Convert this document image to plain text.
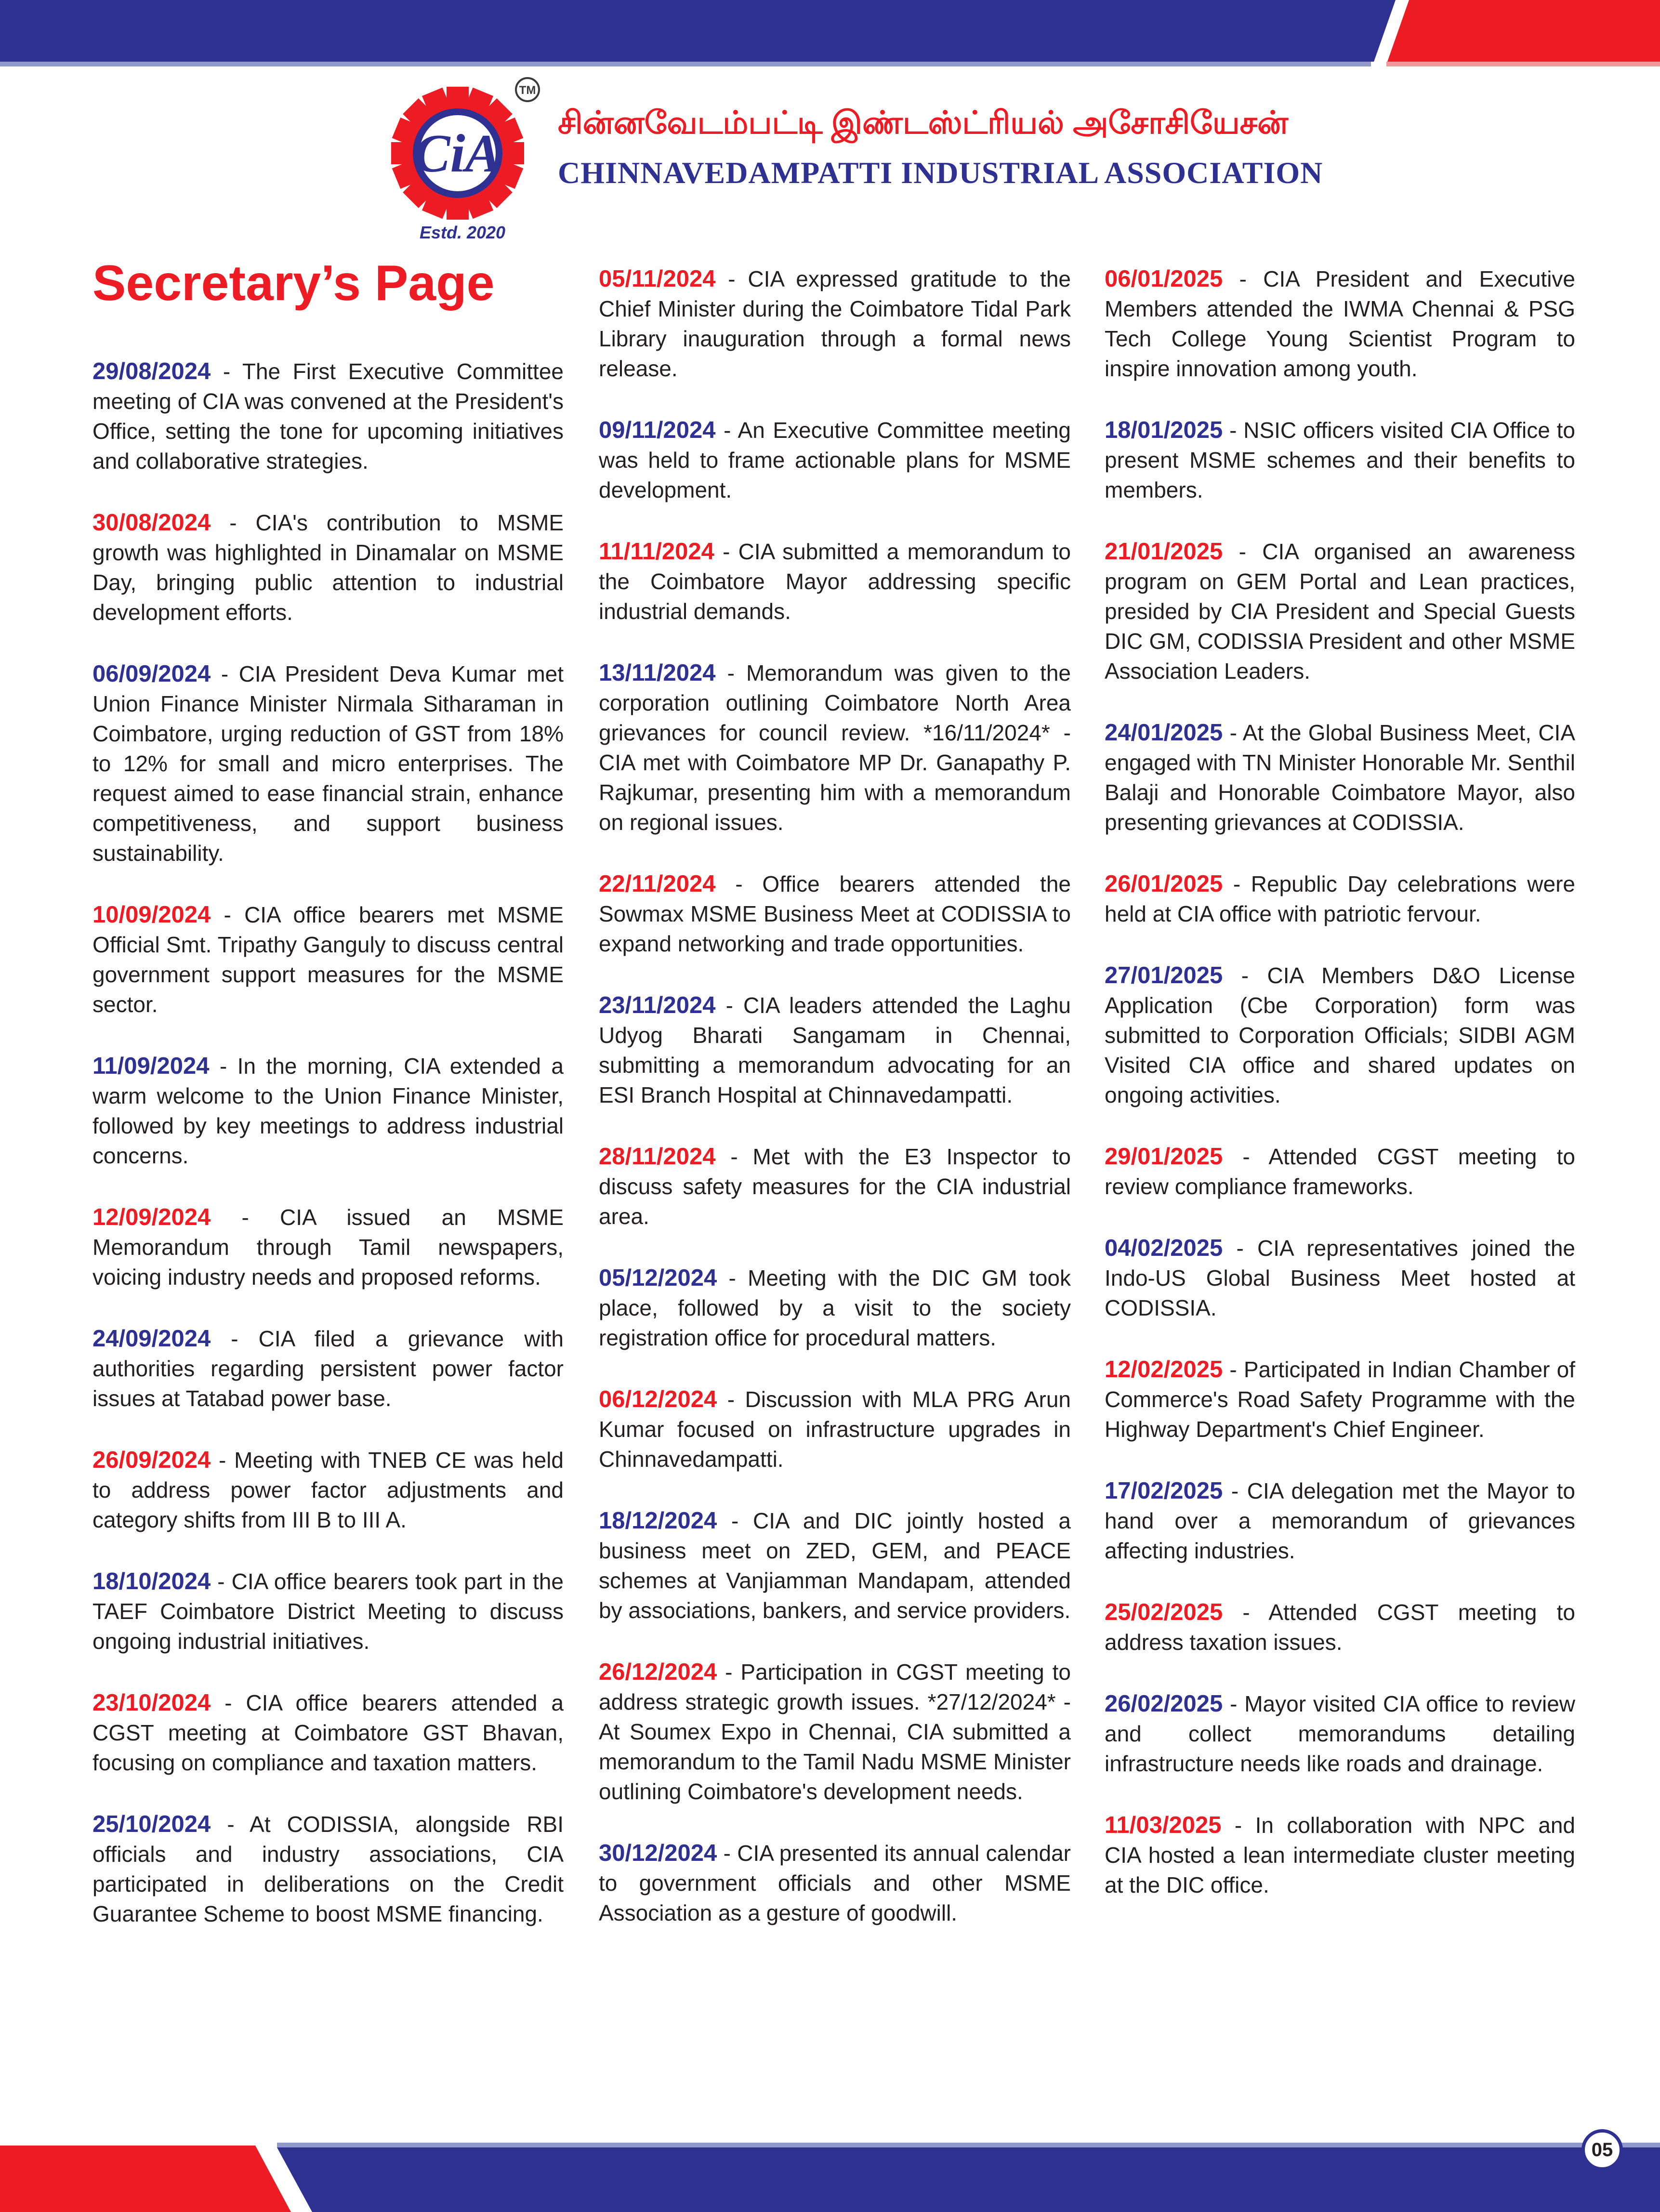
CiA
TM
Estd. 2020
சின்னவேடம்பட்டி இண்டஸ்ட்ரியல் அசோசியேசன்
CHINNAVEDAMPATTI INDUSTRIAL ASSOCIATION
Secretary’s Page

29/08/2024 - The First Executive Committee meeting of CIA was convened at the President's Office, setting the tone for upcoming initiatives and collaborative strategies.

30/08/2024 - CIA's contribution to MSME growth was highlighted in Dinamalar on MSME Day, bringing public attention to industrial development efforts.

06/09/2024 - CIA President Deva Kumar met Union Finance Minister Nirmala Sitharaman in Coimbatore, urging reduction of GST from 18% to 12% for small and micro enterprises. The request aimed to ease financial strain, enhance competitiveness, and support business sustainability.

10/09/2024 - CIA office bearers met MSME Official Smt. Tripathy Ganguly to discuss central government support measures for the MSME sector.

11/09/2024 - In the morning, CIA extended a warm welcome to the Union Finance Minister, followed by key meetings to address industrial concerns.

12/09/2024 - CIA issued an MSME Memorandum through Tamil newspapers, voicing industry needs and proposed reforms.

24/09/2024 - CIA filed a grievance with authorities regarding persistent power factor issues at Tatabad power base.

26/09/2024 - Meeting with TNEB CE was held to address power factor adjustments and category shifts from III B to III A.

18/10/2024 - CIA office bearers took part in the TAEF Coimbatore District Meeting to discuss ongoing industrial initiatives.

23/10/2024 - CIA office bearers attended a CGST meeting at Coimbatore GST Bhavan, focusing on compliance and taxation matters.

25/10/2024 - At CODISSIA, alongside RBI officials and industry associations, CIA participated in deliberations on the Credit Guarantee Scheme to boost MSME financing.

05/11/2024 - CIA expressed gratitude to the Chief Minister during the Coimbatore Tidal Park Library inauguration through a formal news release.

09/11/2024 - An Executive Committee meeting was held to frame actionable plans for MSME development.

11/11/2024 - CIA submitted a memorandum to the Coimbatore Mayor addressing specific industrial demands.

13/11/2024 - Memorandum was given to the corporation outlining Coimbatore North Area grievances for council review. *16/11/2024* - CIA met with Coimbatore MP Dr. Ganapathy P. Rajkumar, presenting him with a memorandum on regional issues.

22/11/2024 - Office bearers attended the Sowmax MSME Business Meet at CODISSIA to expand networking and trade opportunities.

23/11/2024 - CIA leaders attended the Laghu Udyog Bharati Sangamam in Chennai, submitting a memorandum advocating for an ESI Branch Hospital at Chinnavedampatti.

28/11/2024 - Met with the E3 Inspector to discuss safety measures for the CIA industrial area.

05/12/2024 - Meeting with the DIC GM took place, followed by a visit to the society registration office for procedural matters.

06/12/2024 - Discussion with MLA PRG Arun Kumar focused on infrastructure upgrades in Chinnavedampatti.

18/12/2024 - CIA and DIC jointly hosted a business meet on ZED, GEM, and PEACE schemes at Vanjiamman Mandapam, attended by associations, bankers, and service providers.

26/12/2024 - Participation in CGST meeting to address strategic growth issues. *27/12/2024* - At Soumex Expo in Chennai, CIA submitted a memorandum to the Tamil Nadu MSME Minister outlining Coimbatore's development needs.

30/12/2024 - CIA presented its annual calendar to government officials and other MSME Association as a gesture of goodwill.

06/01/2025 - CIA President and Executive Members attended the IWMA Chennai & PSG Tech College Young Scientist Program to inspire innovation among youth.

18/01/2025 - NSIC officers visited CIA Office to present MSME schemes and their benefits to members.

21/01/2025 - CIA organised an awareness program on GEM Portal and Lean practices, presided by CIA President and Special Guests DIC GM, CODISSIA President and other MSME Association Leaders.

24/01/2025 - At the Global Business Meet, CIA engaged with TN Minister Honorable Mr. Senthil Balaji and Honorable Coimbatore Mayor, also presenting grievances at CODISSIA.

26/01/2025 - Republic Day celebrations were held at CIA office with patriotic fervour.

27/01/2025 - CIA Members D&O License Application (Cbe Corporation) form was submitted to Corporation Officials; SIDBI AGM Visited CIA office and shared updates on ongoing activities.

29/01/2025 - Attended CGST meeting to review compliance frameworks.

04/02/2025 - CIA representatives joined the Indo-US Global Business Meet hosted at CODISSIA.

12/02/2025 - Participated in Indian Chamber of Commerce's Road Safety Programme with the Highway Department's Chief Engineer.

17/02/2025 - CIA delegation met the Mayor to hand over a memorandum of grievances affecting industries.

25/02/2025 - Attended CGST meeting to address taxation issues.

26/02/2025 - Mayor visited CIA office to review and collect memorandums detailing infrastructure needs like roads and drainage.

11/03/2025 - In collaboration with NPC and CIA hosted a lean intermediate cluster meeting at the DIC office.

05
